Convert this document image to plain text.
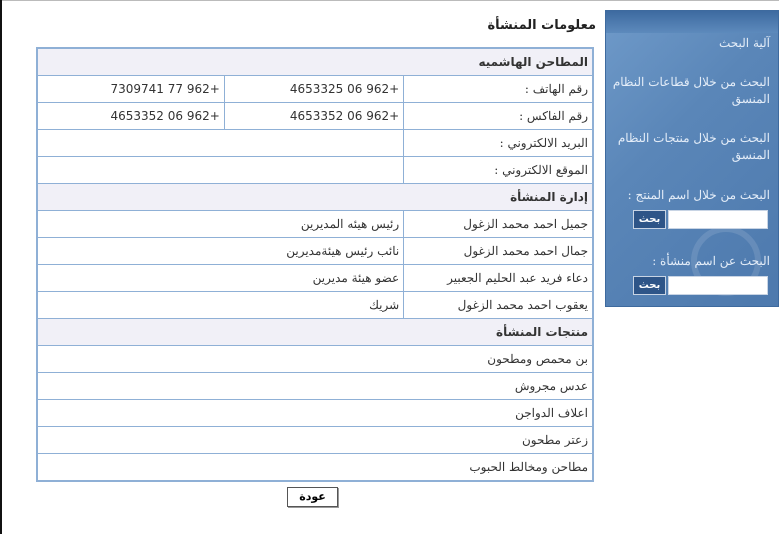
آلية البحث
البحث من خلال قطاعات النظام المنسق
البحث من خلال منتجات النظام المنسق
البحث من خلال اسم المنتج :
بحث
البحث عن اسم منشأة :
بحث
معلومات المنشأة
المطاحن الهاشميه		
رقم الهاتف :	+962 06 4653325	+962 77 7309741
رقم الفاكس :	+962 06 4653352	+962 06 4653352
البريد الالكتروني :		
الموقع الالكتروني :		
إدارة المنشأة		
جميل احمد محمد الزغول	رئيس هيئه المديرين	
جمال احمد محمد الزغول	نائب رئيس هيئةمديرين	
دعاء فريد عبد الحليم الجعبير	عضو هيئة مديرين	
يعقوب احمد محمد الزغول	شريك	
منتجات المنشأة		
بن محمص ومطحون		
عدس مجروش		
اعلاف الدواجن		
زعتر مطحون		
مطاحن ومخالط الحبوب		
عودة
